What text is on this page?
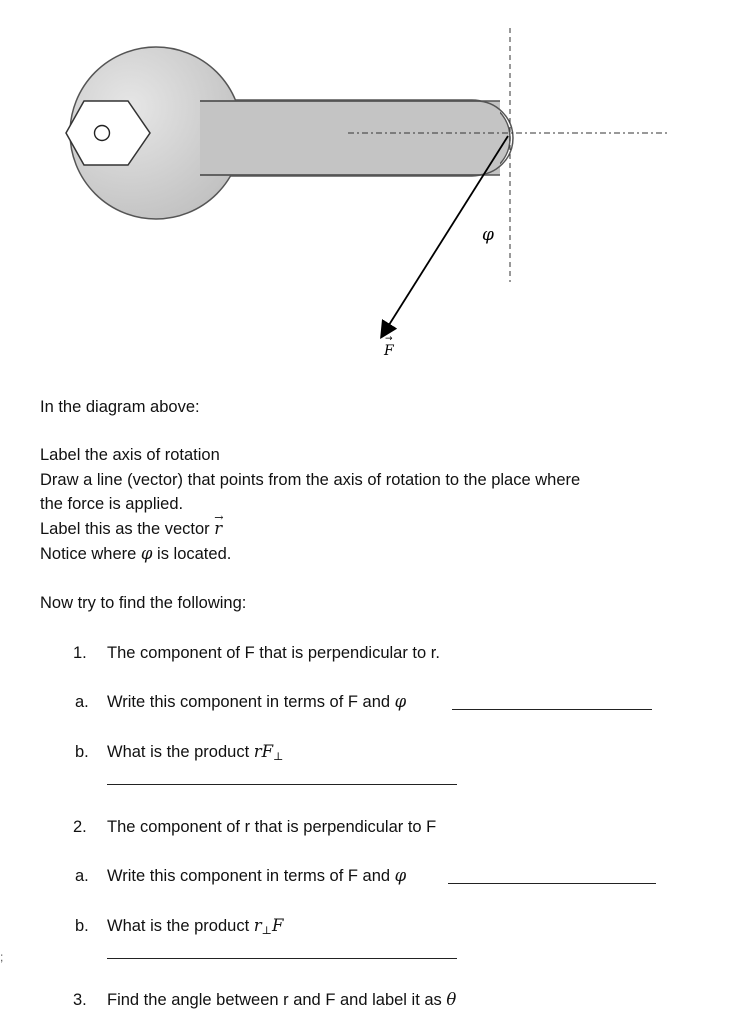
φ
F
→
In the diagram above:
Label the axis of rotation
Draw a line (vector) that points from the axis of rotation to the place where
the force is applied.
Label this as the vector → r
Notice where φ is located.
Now try to find the following:
1. The component of F that is perpendicular to r.
a. Write this component in terms of F and φ
b. What is the product $rF_\perp$
2. The component of r that is perpendicular to F
a. Write this component in terms of F and φ
b. What is the product $r_\perp F$
;
3. Find the angle between r and F and label it as θ
